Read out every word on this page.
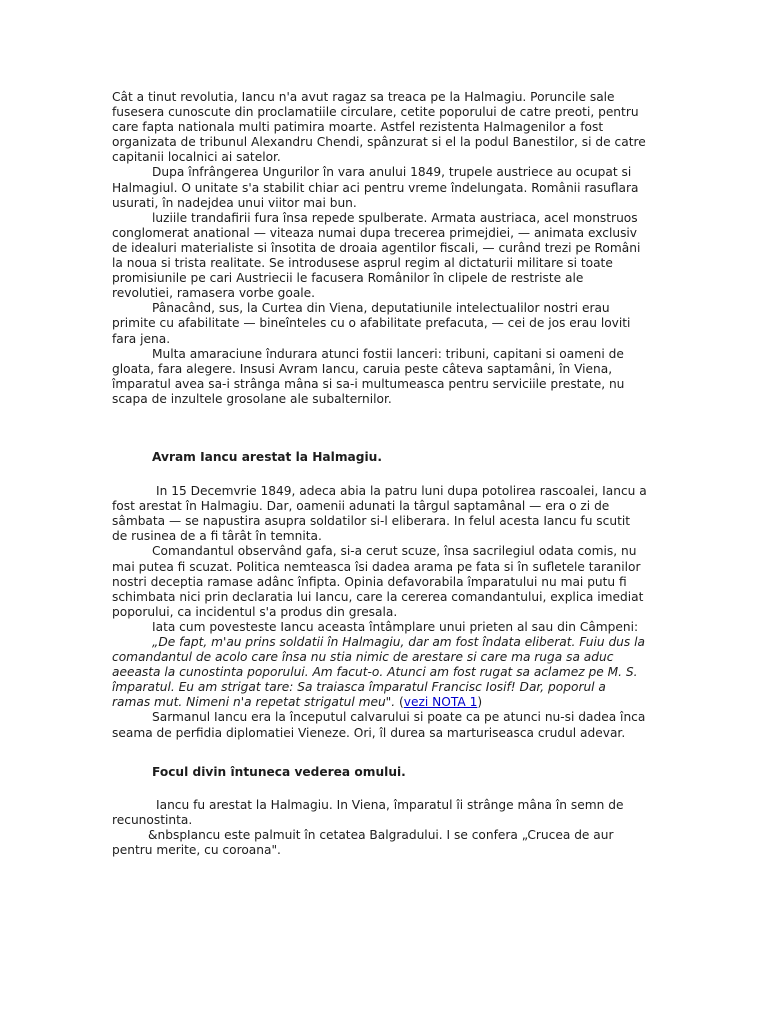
Cât a tinut revolutia, Iancu n'a avut ragaz sa treaca pe la Halmagiu. Poruncile sale fusesera cunoscute din proclamatiile circulare, cetite poporului de catre preoti, pentru care fapta nationala multi patimira moarte. Astfel rezistenta Halmagenilor a fost organizata de tribunul Alexandru Chendi, spânzurat si el la podul Banestilor, si de catre capitanii localnici ai satelor.

Dupa înfrângerea Ungurilor în vara anului 1849, trupele austriece au ocupat si Halmagiul. O unitate s'a stabilit chiar aci pentru vreme îndelungata. Românii rasuflara usurati, în nadejdea unui viitor mai bun.

luziile trandafirii fura însa repede spulberate. Armata austriaca, acel monstruos conglomerat anational — viteaza numai dupa trecerea primejdiei, — animata exclusiv de idealuri materialiste si însotita de droaia agentilor fiscali, — curând trezi pe Români la noua si trista realitate. Se introdusese asprul regim al dictaturii militare si toate promisiunile pe cari Austriecii le facusera Românilor în clipele de restriste ale revolutiei, ramasera vorbe goale.

Pânacând, sus, la Curtea din Viena, deputatiunile intelectualilor nostri erau primite cu afabilitate — bineînteles cu o afabilitate prefacuta, — cei de jos erau loviti fara jena.

Multa amaraciune îndurara atunci fostii lanceri: tribuni, capitani si oameni de gloata, fara alegere. Insusi Avram Iancu, caruia peste câteva saptamâni, în Viena, împaratul avea sa-i strânga mâna si sa-i multumeasca pentru serviciile prestate, nu scapa de inzultele grosolane ale subalternilor.

Avram Iancu arestat la Halmagiu.

In 15 Decemvrie 1849, adeca abia la patru luni dupa potolirea rascoalei, Iancu a fost arestat în Halmagiu. Dar, oamenii adunati la târgul saptamânal — era o zi de sâmbata — se napustira asupra soldatilor si-l eliberara. In felul acesta Iancu fu scutit de rusinea de a fi târât în temnita.

Comandantul observând gafa, si-a cerut scuze, însa sacrilegiul odata comis, nu mai putea fi scuzat. Politica nemteasca îsi dadea arama pe fata si în sufletele taranilor nostri deceptia ramase adânc înfipta. Opinia defavorabila împaratului nu mai putu fi schimbata nici prin declaratia lui Iancu, care la cererea comandantului, explica imediat poporului, ca incidentul s'a produs din gresala.

Iata cum povesteste Iancu aceasta întâmplare unui prieten al sau din Câmpeni:

„De fapt, m'au prins soldatii în Halmagiu, dar am fost îndata eliberat. Fuiu dus la comandantul de acolo care însa nu stia nimic de arestare si care ma ruga sa aduc aeeasta la cunostinta poporului. Am facut-o. Atunci am fost rugat sa aclamez pe M. S. împaratul. Eu am strigat tare: Sa traiasca împaratul Francisc Iosif! Dar, poporul a ramas mut. Nimeni n'a repetat strigatul meu". (vezi NOTA 1)

Sarmanul Iancu era la începutul calvarului si poate ca pe atunci nu-si dadea înca seama de perfidia diplomatiei Vieneze. Ori, îl durea sa marturiseasca crudul adevar.

Focul divin întuneca vederea omului.

Iancu fu arestat la Halmagiu. In Viena, împaratul îi strânge mâna în semn de recunostinta.

&nbspIancu este palmuit în cetatea Balgradului. I se confera „Crucea de aur pentru merite, cu coroana".
